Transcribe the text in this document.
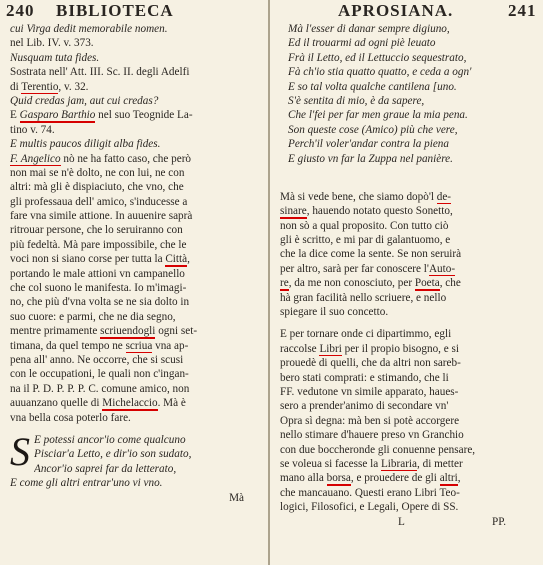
240 BIBLIOTECA
cui Virga dedit memorabile nomen.
nel Lib. IV. v. 373.
Nusquam tuta fides.
Sostrata nell' Att. III. Sc. II. degli Adelfi
di Terentio, v. 32.
Quid credas jam, aut cui credas?
E Gasparo Barthio nel suo Teognide La-
tino v. 74.
E multis paucos diligit alba fides.
F. Angelico nò ne ha fatto caso, che però
non mai se n'è dolto, ne con lui, ne con
altri: mà gli è dispiaciuto, che vno, che
gli professaua dell' amico, s'inducesse a
fare vna simile attione. In auuenire saprà
ritrouar persone, che lo seruiranno con
più fedeltà. Mà pare impossibile, che le
voci non si siano corse per tutta la Città,
portando le male attioni vn campanello
che col suono le manifesta. Io m'imagi-
no, che più d'vna volta se ne sia dolto in
suo cuore: e parmi, che ne dia segno,
mentre primamente scriuendogli ogni set-
timana, da quel tempo ne scriua vna ap-
pena all' anno. Ne occorre, che si scusi
con le occupationi, le quali non c'ingan-
na il P. D. P. P. P. C. comune amico, non
auuanzano quelle di Michelaccio. Mà è
vna bella cosa poterlo fare.
S E potessi ancor'io come qualcuno
Pisciar'a Letto, e dir'io son sudato,
Ancor'io saprei far da letterato,
E come gli altri entrar'uno vi vno.
Mà
APROSIANA.	241
Mà l'esser di danar sempre digiuno,
Ed il trouarmi ad ogni piè leuato
Frà il Letto, ed il Lettuccio sequestrato,
Fà ch'io stia quatto quatto, e ceda a ogn'
E so tal volta qualche cantilena [uno.
S'è sentita di mio, è da sapere,
Che l'fei per far men graue la mia pena.
Son queste cose (Amico) più che vere,
Perch'il voler'andar contra la piena
E giusto vn far la Zuppa nel panière.
Mà si vede bene, che siamo dopò'l de-
sinare, hauendo notato questo Sonetto,
non sò a qual proposito. Con tutto ciò
gli è scritto, e mi par di galantuomo, e
che la dice come la sente. Se non seruirà
per altro, sarà per far conoscere l'Auto-
re, da me non conosciuto, per Poeta, che
hà gran facilità nello scriuere, e nello
spiegare il suo concetto.
E per tornare onde ci dipartimmo, egli
raccolse Libri per il propio bisogno, e si
prouedè di quelli, che da altri non sareb-
bero stati comprati: e stimando, che li
FF. vedutone vn simile apparato, haues-
sero a prender'animo di secondare vn'
Opra sì degna: mà ben si potè accorgere
nello stimare d'hauere preso vn Granchio
con due boccheronde gli conuenne pensare,
se voleua si facesse la Libraria, di metter
mano alla borsa, e prouedere de gli altri,
che mancauano. Questi erano Libri Teo-
logici, Filosofici, e Legali, Opere di SS.
L	PP.
